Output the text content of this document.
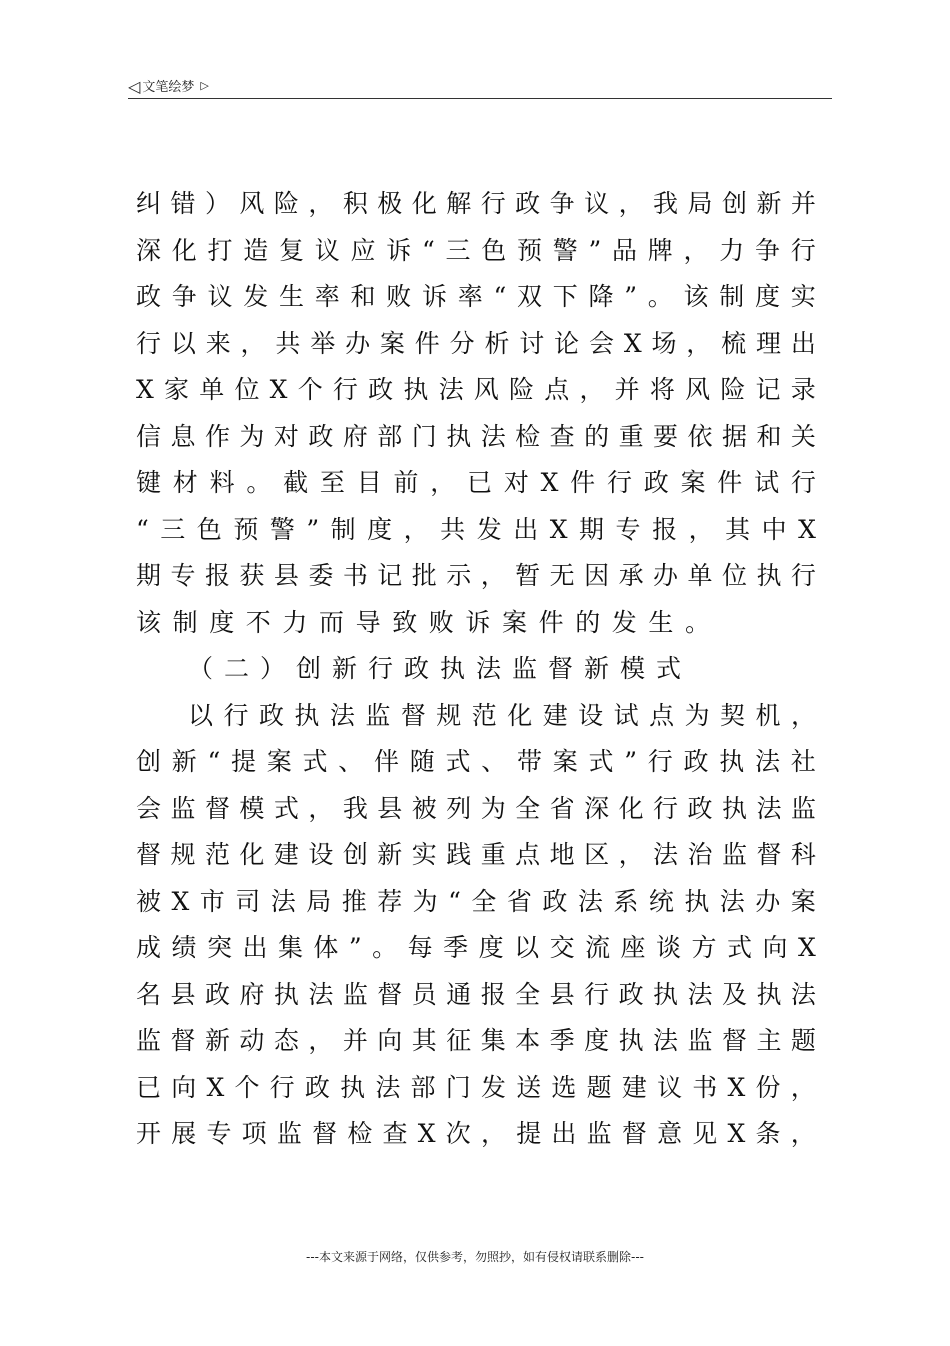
◁ 文笔绘梦 ▷
纠 错 ） 风 险 ， 积 极 化 解 行 政 争 议 ， 我 局 创 新 并
深 化 打 造 复 议 应 诉 “ 三 色 预 警 ” 品 牌 ， 力 争 行
政 争 议 发 生 率 和 败 诉 率 “ 双 下 降 ” 。 该 制 度 实
行 以 来 ， 共 举 办 案 件 分 析 讨 论 会 X 场 ， 梳 理 出
X 家 单 位 X 个 行 政 执 法 风 险 点 ， 并 将 风 险 记 录
信 息 作 为 对 政 府 部 门 执 法 检 查 的 重 要 依 据 和 关
键 材 料 。 截 至 目 前 ， 已 对 X 件 行 政 案 件 试 行
“ 三 色 预 警 ” 制 度 ， 共 发 出 X 期 专 报 ， 其 中 X
期 专 报 获 县 委 书 记 批 示 ， 暂 无 因 承 办 单 位 执 行
该制度不力而导致败诉案件的发生。
（二）创新行政执法监督新模式
以 行 政 执 法 监 督 规 范 化 建 设 试 点 为 契 机 ，
创 新 “ 提 案 式 、 伴 随 式 、 带 案 式 ” 行 政 执 法 社
会 监 督 模 式 ， 我 县 被 列 为 全 省 深 化 行 政 执 法 监
督 规 范 化 建 设 创 新 实 践 重 点 地 区 ， 法 治 监 督 科
被 X 市 司 法 局 推 荐 为 “ 全 省 政 法 系 统 执 法 办 案
成 绩 突 出 集 体 ” 。 每 季 度 以 交 流 座 谈 方 式 向 X
名 县 政 府 执 法 监 督 员 通 报 全 县 行 政 执 法 及 执 法
监 督 新 动 态 ， 并 向 其 征 集 本 季 度 执 法 监 督 主 题
已 向 X 个 行 政 执 法 部 门 发 送 选 题 建 议 书 X 份 ，
开 展 专 项 监 督 检 查 X 次 ， 提 出 监 督 意 见 X 条 ，
---本文来源于网络，仅供参考，勿照抄，如有侵权请联系删除---
